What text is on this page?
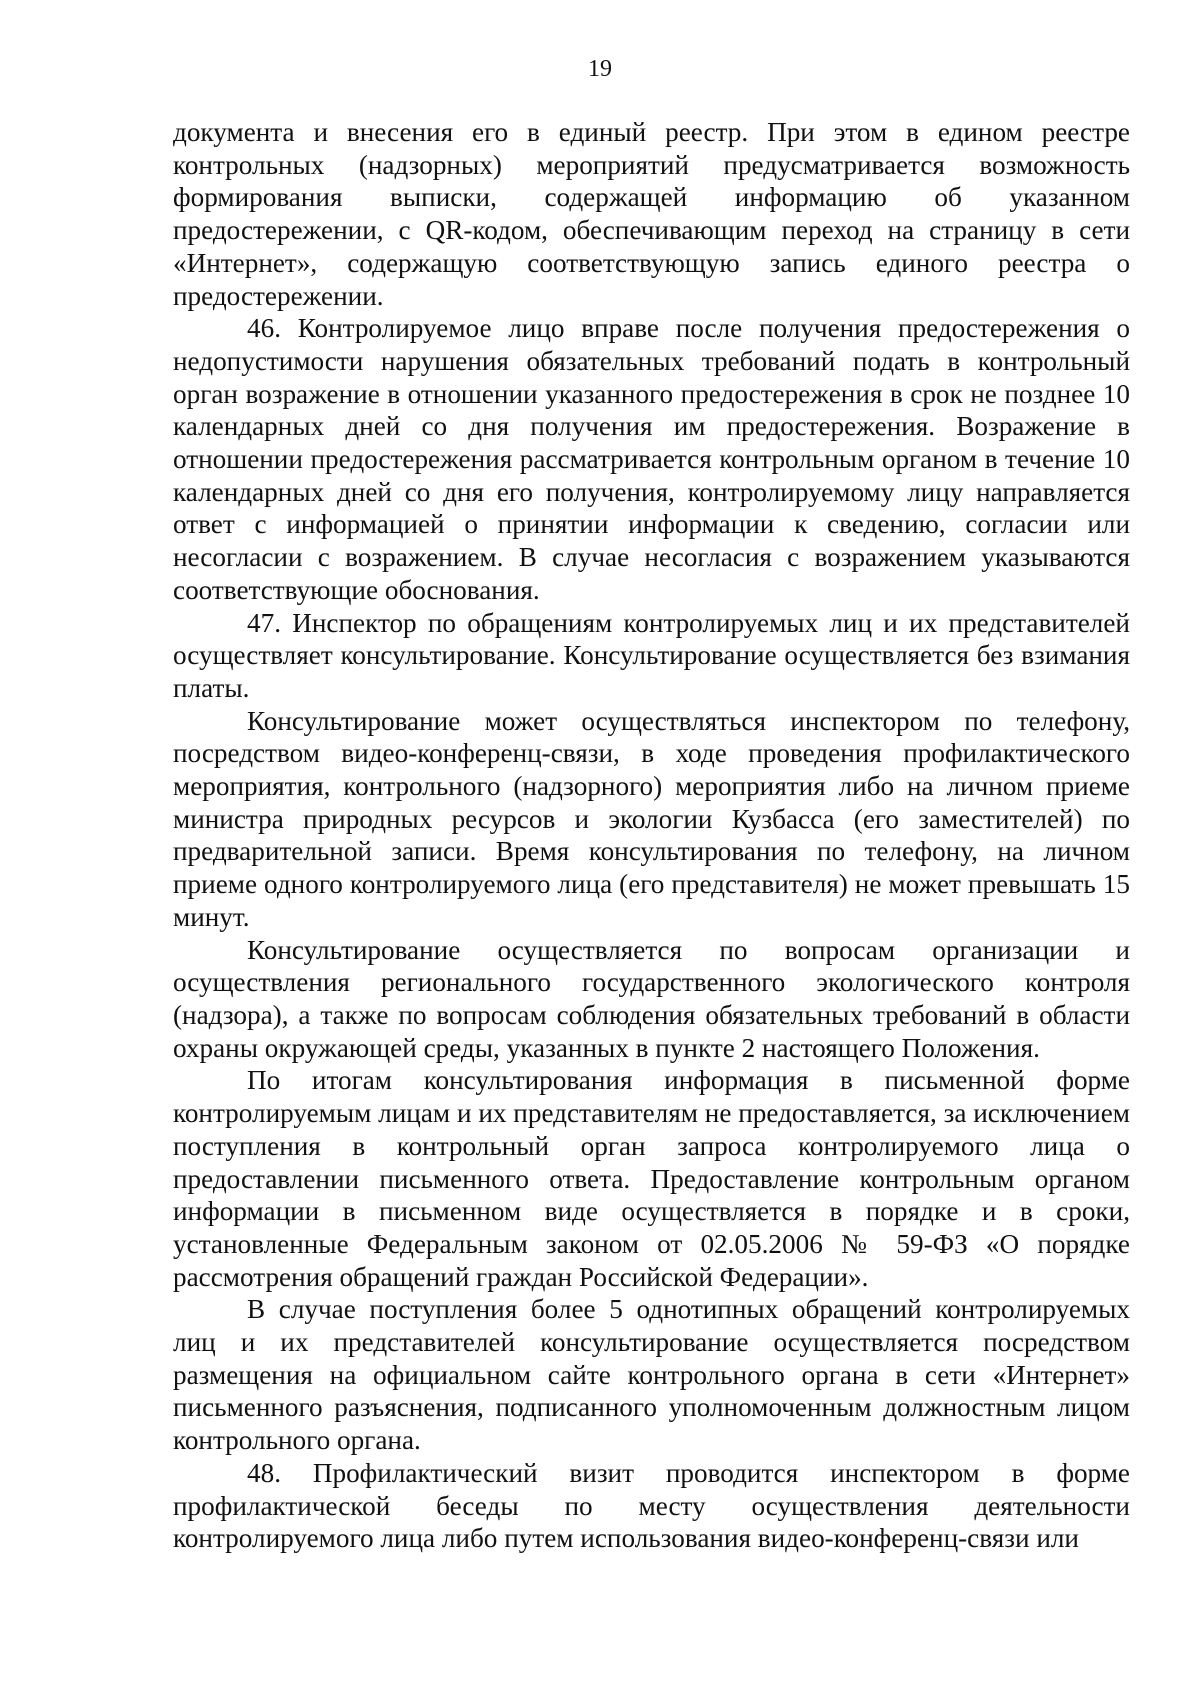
19

документа и внесения его в единый реестр. При этом в едином реестре контрольных (надзорных) мероприятий предусматривается возможность формирования выписки, содержащей информацию об указанном предостережении, с QR-кодом, обеспечивающим переход на страницу в сети «Интернет», содержащую соответствующую запись единого реестра о предостережении.

46. Контролируемое лицо вправе после получения предостережения о недопустимости нарушения обязательных требований подать в контрольный орган возражение в отношении указанного предостережения в срок не позднее 10 календарных дней со дня получения им предостережения. Возражение в отношении предостережения рассматривается контрольным органом в течение 10 календарных дней со дня его получения, контролируемому лицу направляется ответ с информацией о принятии информации к сведению, согласии или несогласии с возражением. В случае несогласия с возражением указываются соответствующие обоснования.

47. Инспектор по обращениям контролируемых лиц и их представителей осуществляет консультирование. Консультирование осуществляется без взимания платы.

Консультирование может осуществляться инспектором по телефону, посредством видео-конференц-связи, в ходе проведения профилактического мероприятия, контрольного (надзорного) мероприятия либо на личном приеме министра природных ресурсов и экологии Кузбасса (его заместителей) по предварительной записи. Время консультирования по телефону, на личном приеме одного контролируемого лица (его представителя) не может превышать 15 минут.

Консультирование осуществляется по вопросам организации и осуществления регионального государственного экологического контроля (надзора), а также по вопросам соблюдения обязательных требований в области охраны окружающей среды, указанных в пункте 2 настоящего Положения.

По итогам консультирования информация в письменной форме контролируемым лицам и их представителям не предоставляется, за исключением поступления в контрольный орган запроса контролируемого лица о предоставлении письменного ответа. Предоставление контрольным органом информации в письменном виде осуществляется в порядке и в сроки, установленные Федеральным законом от 02.05.2006 № 59-ФЗ «О порядке рассмотрения обращений граждан Российской Федерации».

В случае поступления более 5 однотипных обращений контролируемых лиц и их представителей консультирование осуществляется посредством размещения на официальном сайте контрольного органа в сети «Интернет» письменного разъяснения, подписанного уполномоченным должностным лицом контрольного органа.

48. Профилактический визит проводится инспектором в форме профилактической беседы по месту осуществления деятельности контролируемого лица либо путем использования видео-конференц-связи или
